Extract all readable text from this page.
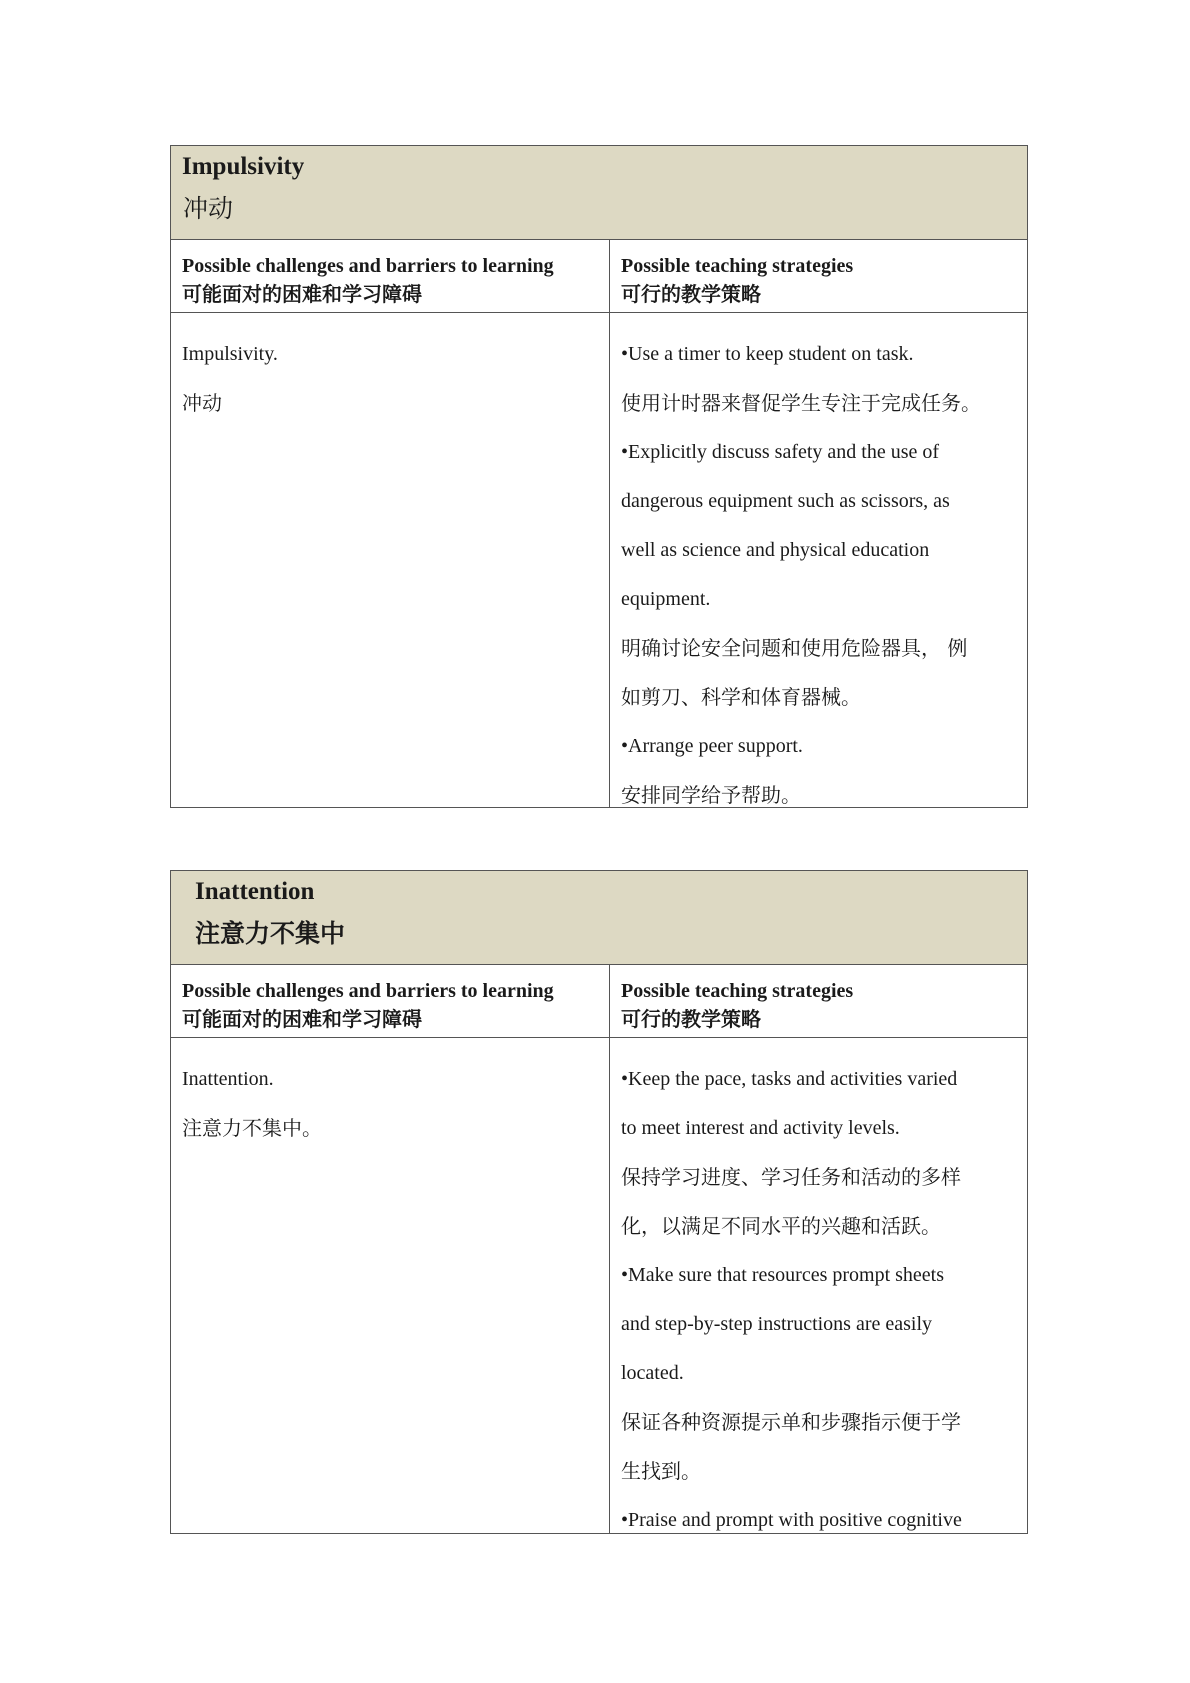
Impulsivity
冲动
Possible challenges and barriers to learning
可能面对的困难和学习障碍
Possible teaching strategies
可行的教学策略

Impulsivity.

冲动

•Use a timer to keep student on task.

使用计时器来督促学生专注于完成任务。

•Explicitly discuss safety and the use of

dangerous equipment such as scissors, as

well as science and physical education

equipment.

明确讨论安全问题和使用危险器具， 例

如剪刀、科学和体育器械。

•Arrange peer support.

安排同学给予帮助。

Inattention
注意力不集中
Possible challenges and barriers to learning
可能面对的困难和学习障碍
Possible teaching strategies
可行的教学策略

Inattention.

注意力不集中。

•Keep the pace, tasks and activities varied

to meet interest and activity levels.

保持学习进度、学习任务和活动的多样

化，以满足不同水平的兴趣和活跃。

•Make sure that resources prompt sheets

and step-by-step instructions are easily

located.

保证各种资源提示单和步骤指示便于学

生找到。

•Praise and prompt with positive cognitive
